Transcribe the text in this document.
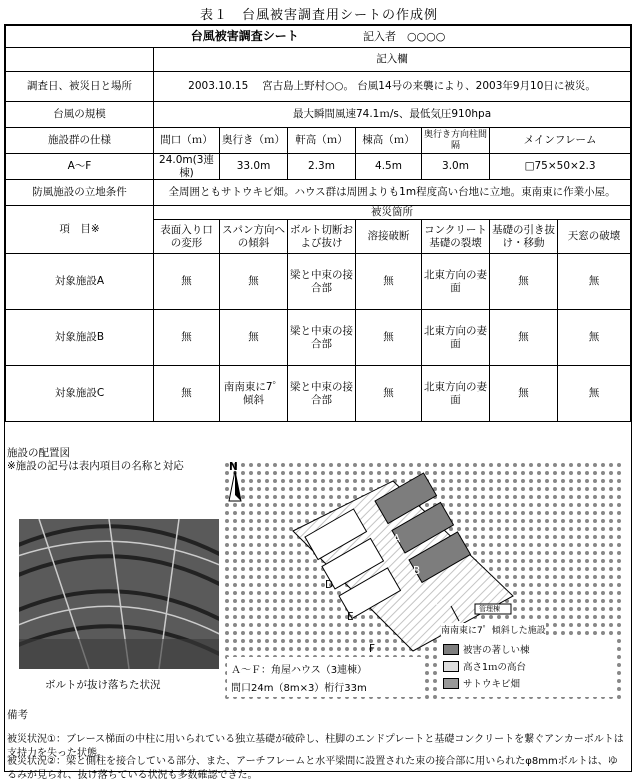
表１　台風被害調査用シートの作成例
台風被害調査シート 記入者　○○○○							
	記入欄						
調査日、被災日と場所	2003.10.15　 宮古島上野村○○。 台風14号の来襲により、2003年9月10日に被災。						
台風の規模	最大瞬間風速74.1ｍ/s、最低気圧910hpa						
施設群の仕様	間口（ｍ）	奥行き（ｍ）	軒高（ｍ）	棟高（ｍ）	奥行き方向柱間隔	メインフレーム	
A～F	24.0m(3連棟)	33.0m	2.3m	4.5m	3.0m	□75×50×2.3	
防風施設の立地条件	全周囲ともサトウキビ畑。ハウス群は周囲よりも1m程度高い台地に立地。東南東に作業小屋。						
項　目※	被災箇所						
	表面入り口の変形	スパン方向への傾斜	ボルト切断および抜け	溶接破断	コンクリート基礎の裂壊	基礎の引き抜け・移動	天窓の破壊
対象施設A	無	無	梁と中束の接合部	無	北東方向の妻面	無	無
対象施設B	無	無	梁と中束の接合部	無	北東方向の妻面	無	無
対象施設C	無	南南東に7゜傾斜	梁と中束の接合部	無	北東方向の妻面	無	無
施設の配置図
※施設の記号は表内項目の名称と対応
ボルトが抜け落ちた状況
N
D
E
F
A
B
C	管理棟
南南東に7゜傾斜した施設
Ａ～Ｆ：角屋ハウス（3連棟）
間口24m（8m×3）桁行33m
被害の著しい棟
高さ1ｍの高台
サトウキビ畑
備考
被災状況①：ブレース梯面の中柱に用いられている独立基礎が破砕し、柱脚のエンドプレートと基礎コンクリートを繋ぐアンカーボルトは支持力を失った状態。
被災状況②：梁と側柱を接合している部分、また、アーチフレームと水平梁間に設置された束の接合部に用いられたφ8mmボルトは、ゆるみが見られ、抜け落ちている状況も多数確認できた。
